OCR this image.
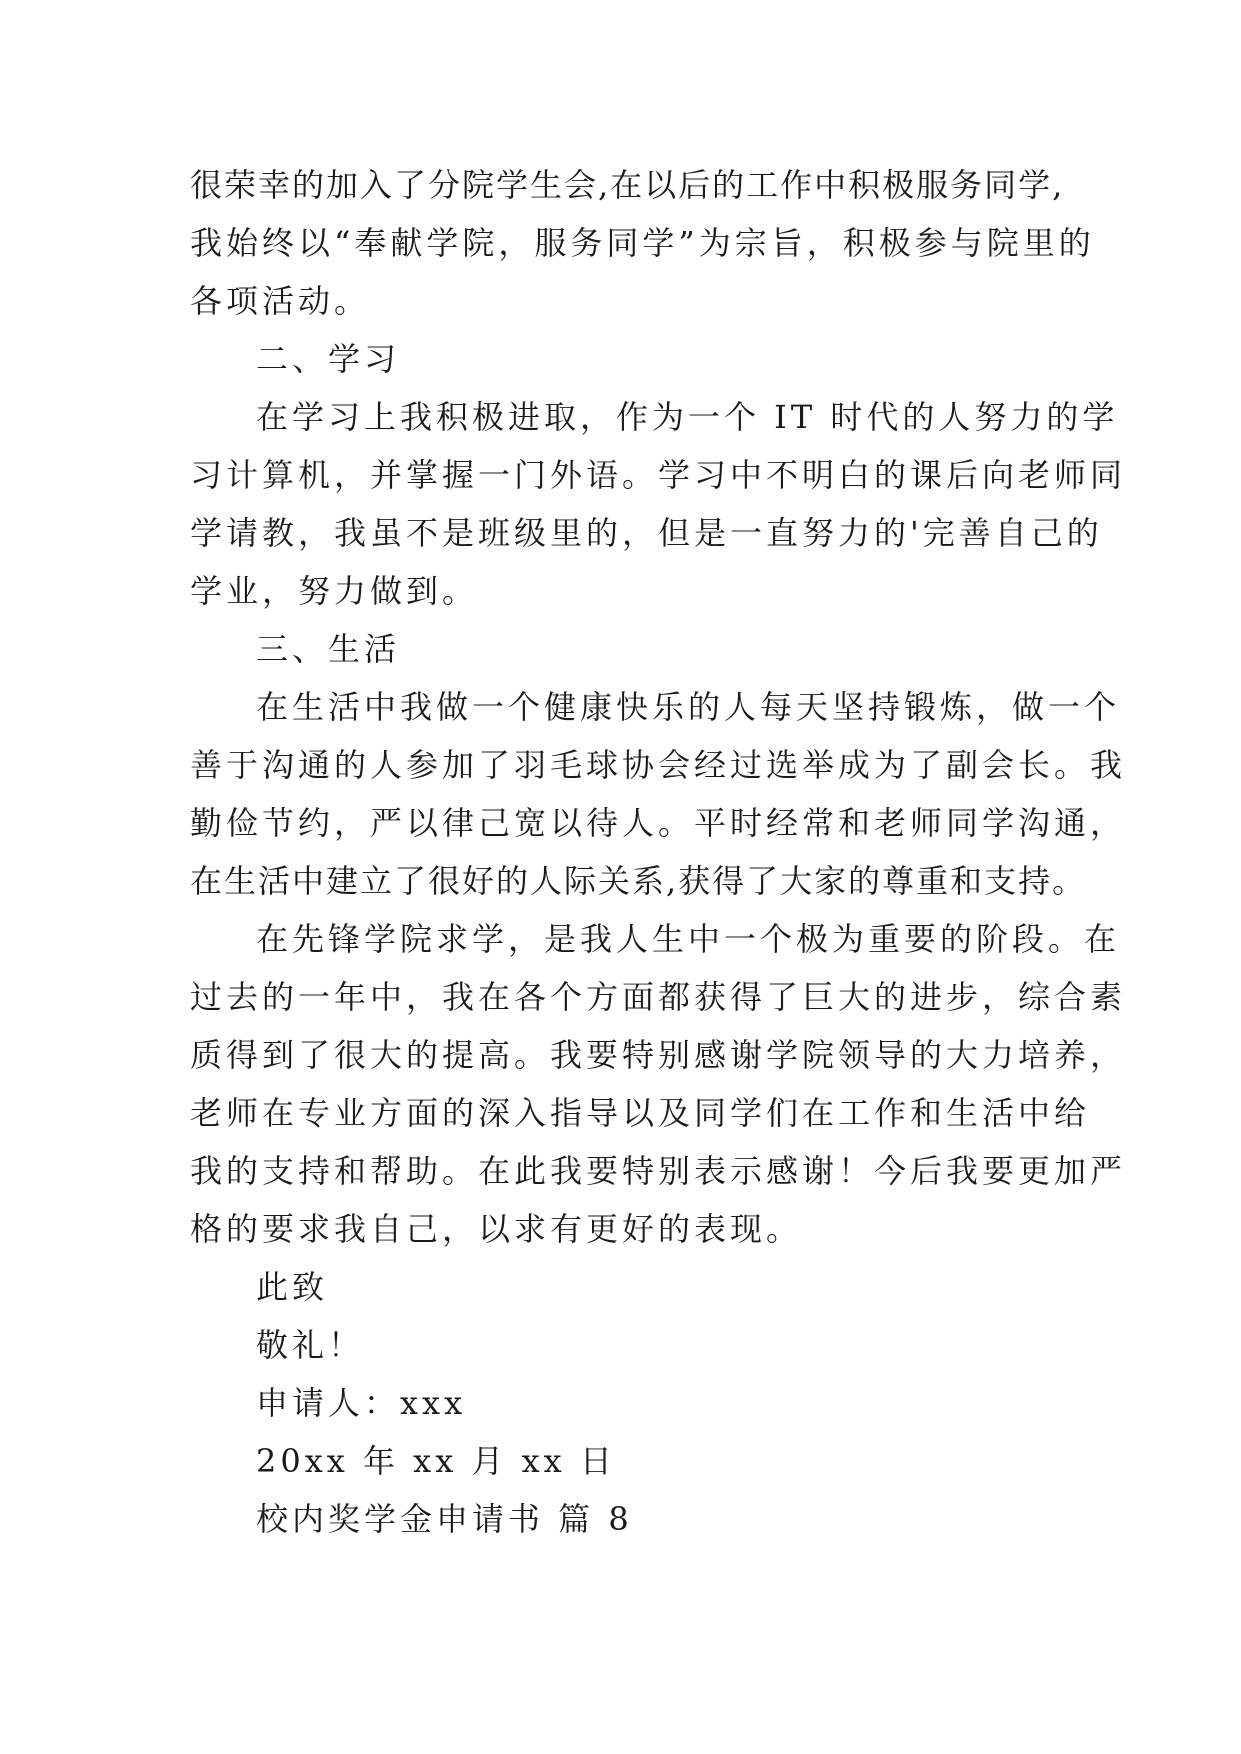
很荣幸的加入了分院学生会,在以后的工作中积极服务同学,
我始终以“奉献学院，服务同学”为宗旨，积极参与院里的
各项活动。
二、学习
在学习上我积极进取，作为一个 IT 时代的人努力的学
习计算机，并掌握一门外语。学习中不明白的课后向老师同
学请教，我虽不是班级里的，但是一直努力的'完善自己的
学业，努力做到。
三、生活
在生活中我做一个健康快乐的人每天坚持锻炼，做一个
善于沟通的人参加了羽毛球协会经过选举成为了副会长。我
勤俭节约，严以律己宽以待人。平时经常和老师同学沟通，
在生活中建立了很好的人际关系,获得了大家的尊重和支持。
在先锋学院求学，是我人生中一个极为重要的阶段。在
过去的一年中，我在各个方面都获得了巨大的进步，综合素
质得到了很大的提高。我要特别感谢学院领导的大力培养，
老师在专业方面的深入指导以及同学们在工作和生活中给
我的支持和帮助。在此我要特别表示感谢！今后我要更加严
格的要求我自己，以求有更好的表现。
此致
敬礼！
申请人：xxx
20xx 年 xx 月 xx 日
校内奖学金申请书 篇 8
